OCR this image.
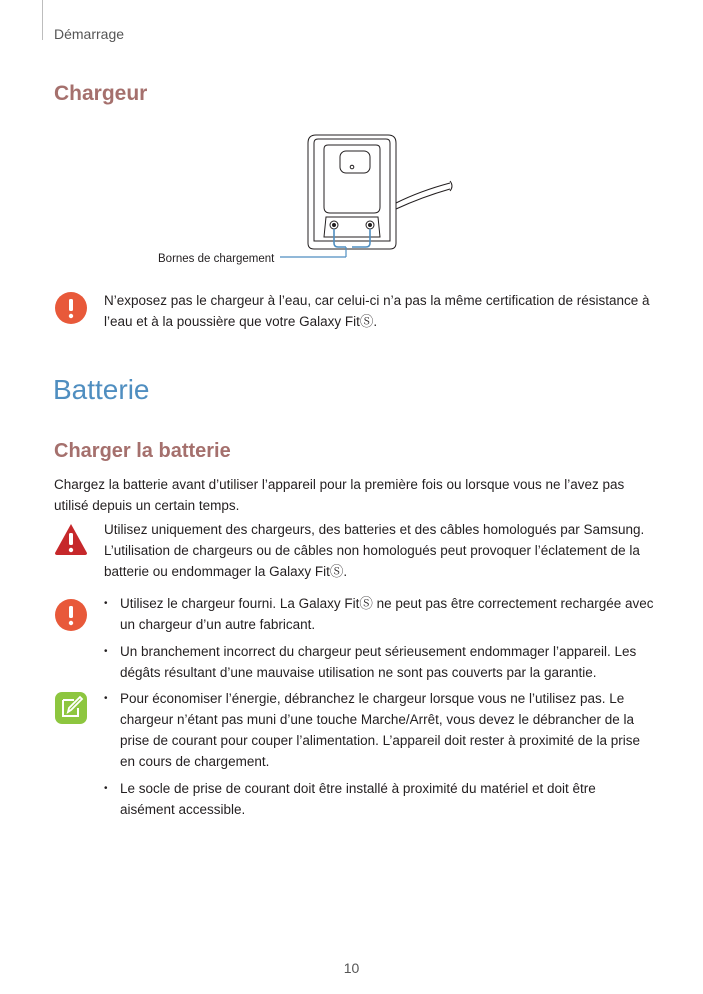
Démarrage
Chargeur
Bornes de chargement
N’exposez pas le chargeur à l’eau, car celui-ci n’a pas la même certification de résistance à l’eau et à la poussière que votre Galaxy FitⓈ.
Batterie
Charger la batterie
Chargez la batterie avant d’utiliser l’appareil pour la première fois ou lorsque vous ne l’avez pas utilisé depuis un certain temps.
Utilisez uniquement des chargeurs, des batteries et des câbles homologués par Samsung. L’utilisation de chargeurs ou de câbles non homologués peut provoquer l’éclatement de la batterie ou endommager la Galaxy FitⓈ.
• Utilisez le chargeur fourni. La Galaxy FitⓈ ne peut pas être correctement rechargée avec un chargeur d’un autre fabricant.
• Un branchement incorrect du chargeur peut sérieusement endommager l’appareil. Les dégâts résultant d’une mauvaise utilisation ne sont pas couverts par la garantie.
• Pour économiser l’énergie, débranchez le chargeur lorsque vous ne l’utilisez pas. Le chargeur n’étant pas muni d’une touche Marche/Arrêt, vous devez le débrancher de la prise de courant pour couper l’alimentation. L’appareil doit rester à proximité de la prise en cours de chargement.
• Le socle de prise de courant doit être installé à proximité du matériel et doit être aisément accessible.
10
